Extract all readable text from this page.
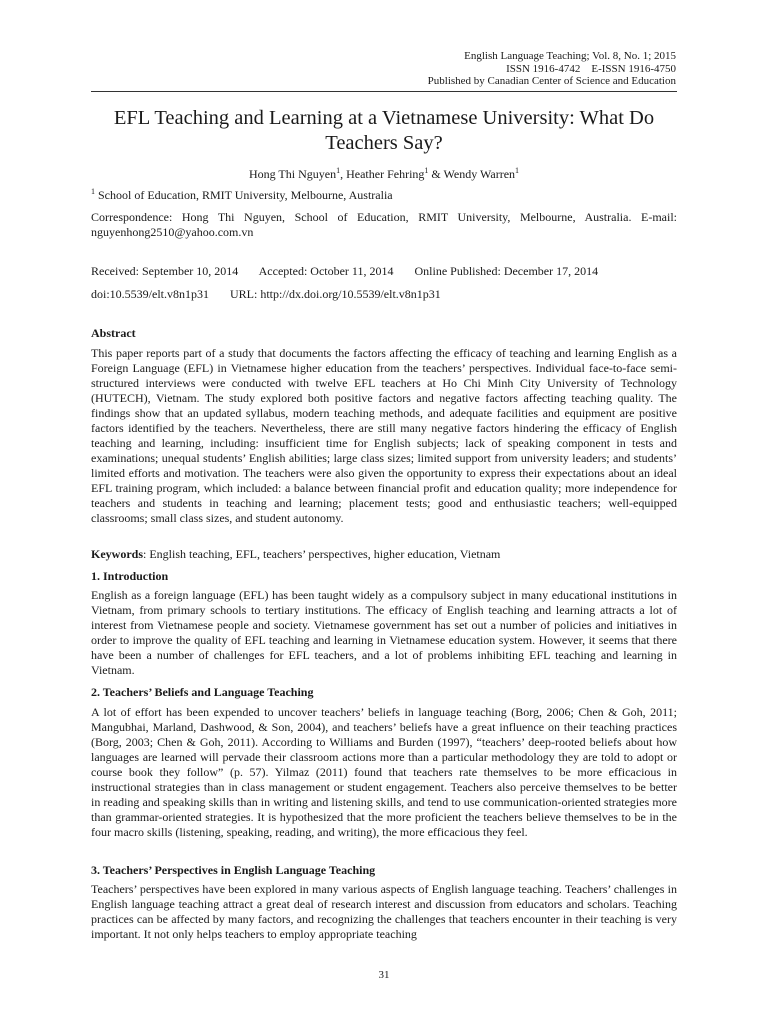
English Language Teaching; Vol. 8, No. 1; 2015
ISSN 1916-4742    E-ISSN 1916-4750
Published by Canadian Center of Science and Education
EFL Teaching and Learning at a Vietnamese University: What Do Teachers Say?
Hong Thi Nguyen$^1$, Heather Fehring$^1$ & Wendy Warren$^1$
$^1$ School of Education, RMIT University, Melbourne, Australia
Correspondence: Hong Thi Nguyen, School of Education, RMIT University, Melbourne, Australia. E-mail: nguyenhong2510@yahoo.com.vn
Received: September 10, 2014 Accepted: October 11, 2014 Online Published: December 17, 2014
doi:10.5539/elt.v8n1p31 URL: http://dx.doi.org/10.5539/elt.v8n1p31
Abstract
This paper reports part of a study that documents the factors affecting the efficacy of teaching and learning English as a Foreign Language (EFL) in Vietnamese higher education from the teachers’ perspectives. Individual face-to-face semi-structured interviews were conducted with twelve EFL teachers at Ho Chi Minh City University of Technology (HUTECH), Vietnam. The study explored both positive factors and negative factors affecting teaching quality. The findings show that an updated syllabus, modern teaching methods, and adequate facilities and equipment are positive factors identified by the teachers. Nevertheless, there are still many negative factors hindering the efficacy of English teaching and learning, including: insufficient time for English subjects; lack of speaking component in tests and examinations; unequal students’ English abilities; large class sizes; limited support from university leaders; and students’ limited efforts and motivation. The teachers were also given the opportunity to express their expectations about an ideal EFL training program, which included: a balance between financial profit and education quality; more independence for teachers and students in teaching and learning; placement tests; good and enthusiastic teachers; well-equipped classrooms; small class sizes, and student autonomy.
Keywords: English teaching, EFL, teachers’ perspectives, higher education, Vietnam
1. Introduction
English as a foreign language (EFL) has been taught widely as a compulsory subject in many educational institutions in Vietnam, from primary schools to tertiary institutions. The efficacy of English teaching and learning attracts a lot of interest from Vietnamese people and society. Vietnamese government has set out a number of policies and initiatives in order to improve the quality of EFL teaching and learning in Vietnamese education system. However, it seems that there have been a number of challenges for EFL teachers, and a lot of problems inhibiting EFL teaching and learning in Vietnam.
2. Teachers’ Beliefs and Language Teaching
A lot of effort has been expended to uncover teachers’ beliefs in language teaching (Borg, 2006; Chen & Goh, 2011; Mangubhai, Marland, Dashwood, & Son, 2004), and teachers’ beliefs have a great influence on their teaching practices (Borg, 2003; Chen & Goh, 2011). According to Williams and Burden (1997), “teachers’ deep-rooted beliefs about how languages are learned will pervade their classroom actions more than a particular methodology they are told to adopt or course book they follow” (p. 57). Yilmaz (2011) found that teachers rate themselves to be more efficacious in instructional strategies than in class management or student engagement. Teachers also perceive themselves to be better in reading and speaking skills than in writing and listening skills, and tend to use communication-oriented strategies more than grammar-oriented strategies. It is hypothesized that the more proficient the teachers believe themselves to be in the four macro skills (listening, speaking, reading, and writing), the more efficacious they feel.
3. Teachers’ Perspectives in English Language Teaching
Teachers’ perspectives have been explored in many various aspects of English language teaching. Teachers’ challenges in English language teaching attract a great deal of research interest and discussion from educators and scholars. Teaching practices can be affected by many factors, and recognizing the challenges that teachers encounter in their teaching is very important. It not only helps teachers to employ appropriate teaching
31
